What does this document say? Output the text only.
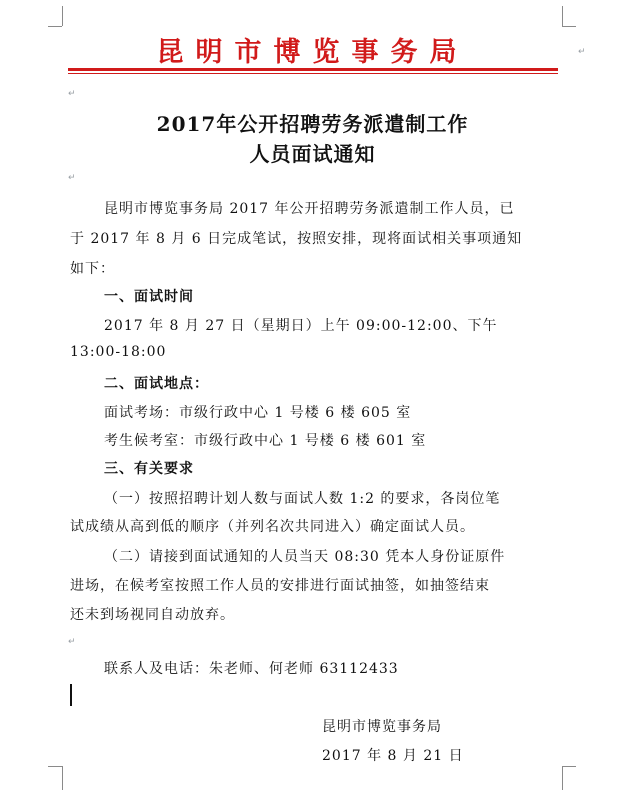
昆明市博览事务局
↵
↵
2017年公开招聘劳务派遣制工作
人员面试通知
↵
昆明市博览事务局 2017 年公开招聘劳务派遣制工作人员，已
于 2017 年 8 月 6 日完成笔试，按照安排，现将面试相关事项通知
如下：
一、面试时间
2017 年 8 月 27 日（星期日）上午 09:00-12:00、下午
13:00-18:00
二、面试地点：
面试考场：市级行政中心 1 号楼 6 楼 605 室
考生候考室：市级行政中心 1 号楼 6 楼 601 室
三、有关要求
（一）按照招聘计划人数与面试人数 1:2 的要求，各岗位笔
试成绩从高到低的顺序（并列名次共同进入）确定面试人员。
（二）请接到面试通知的人员当天 08:30 凭本人身份证原件
进场，在候考室按照工作人员的安排进行面试抽签，如抽签结束
还未到场视同自动放弃。
↵
联系人及电话：朱老师、何老师 63112433
昆明市博览事务局
2017 年 8 月 21 日
